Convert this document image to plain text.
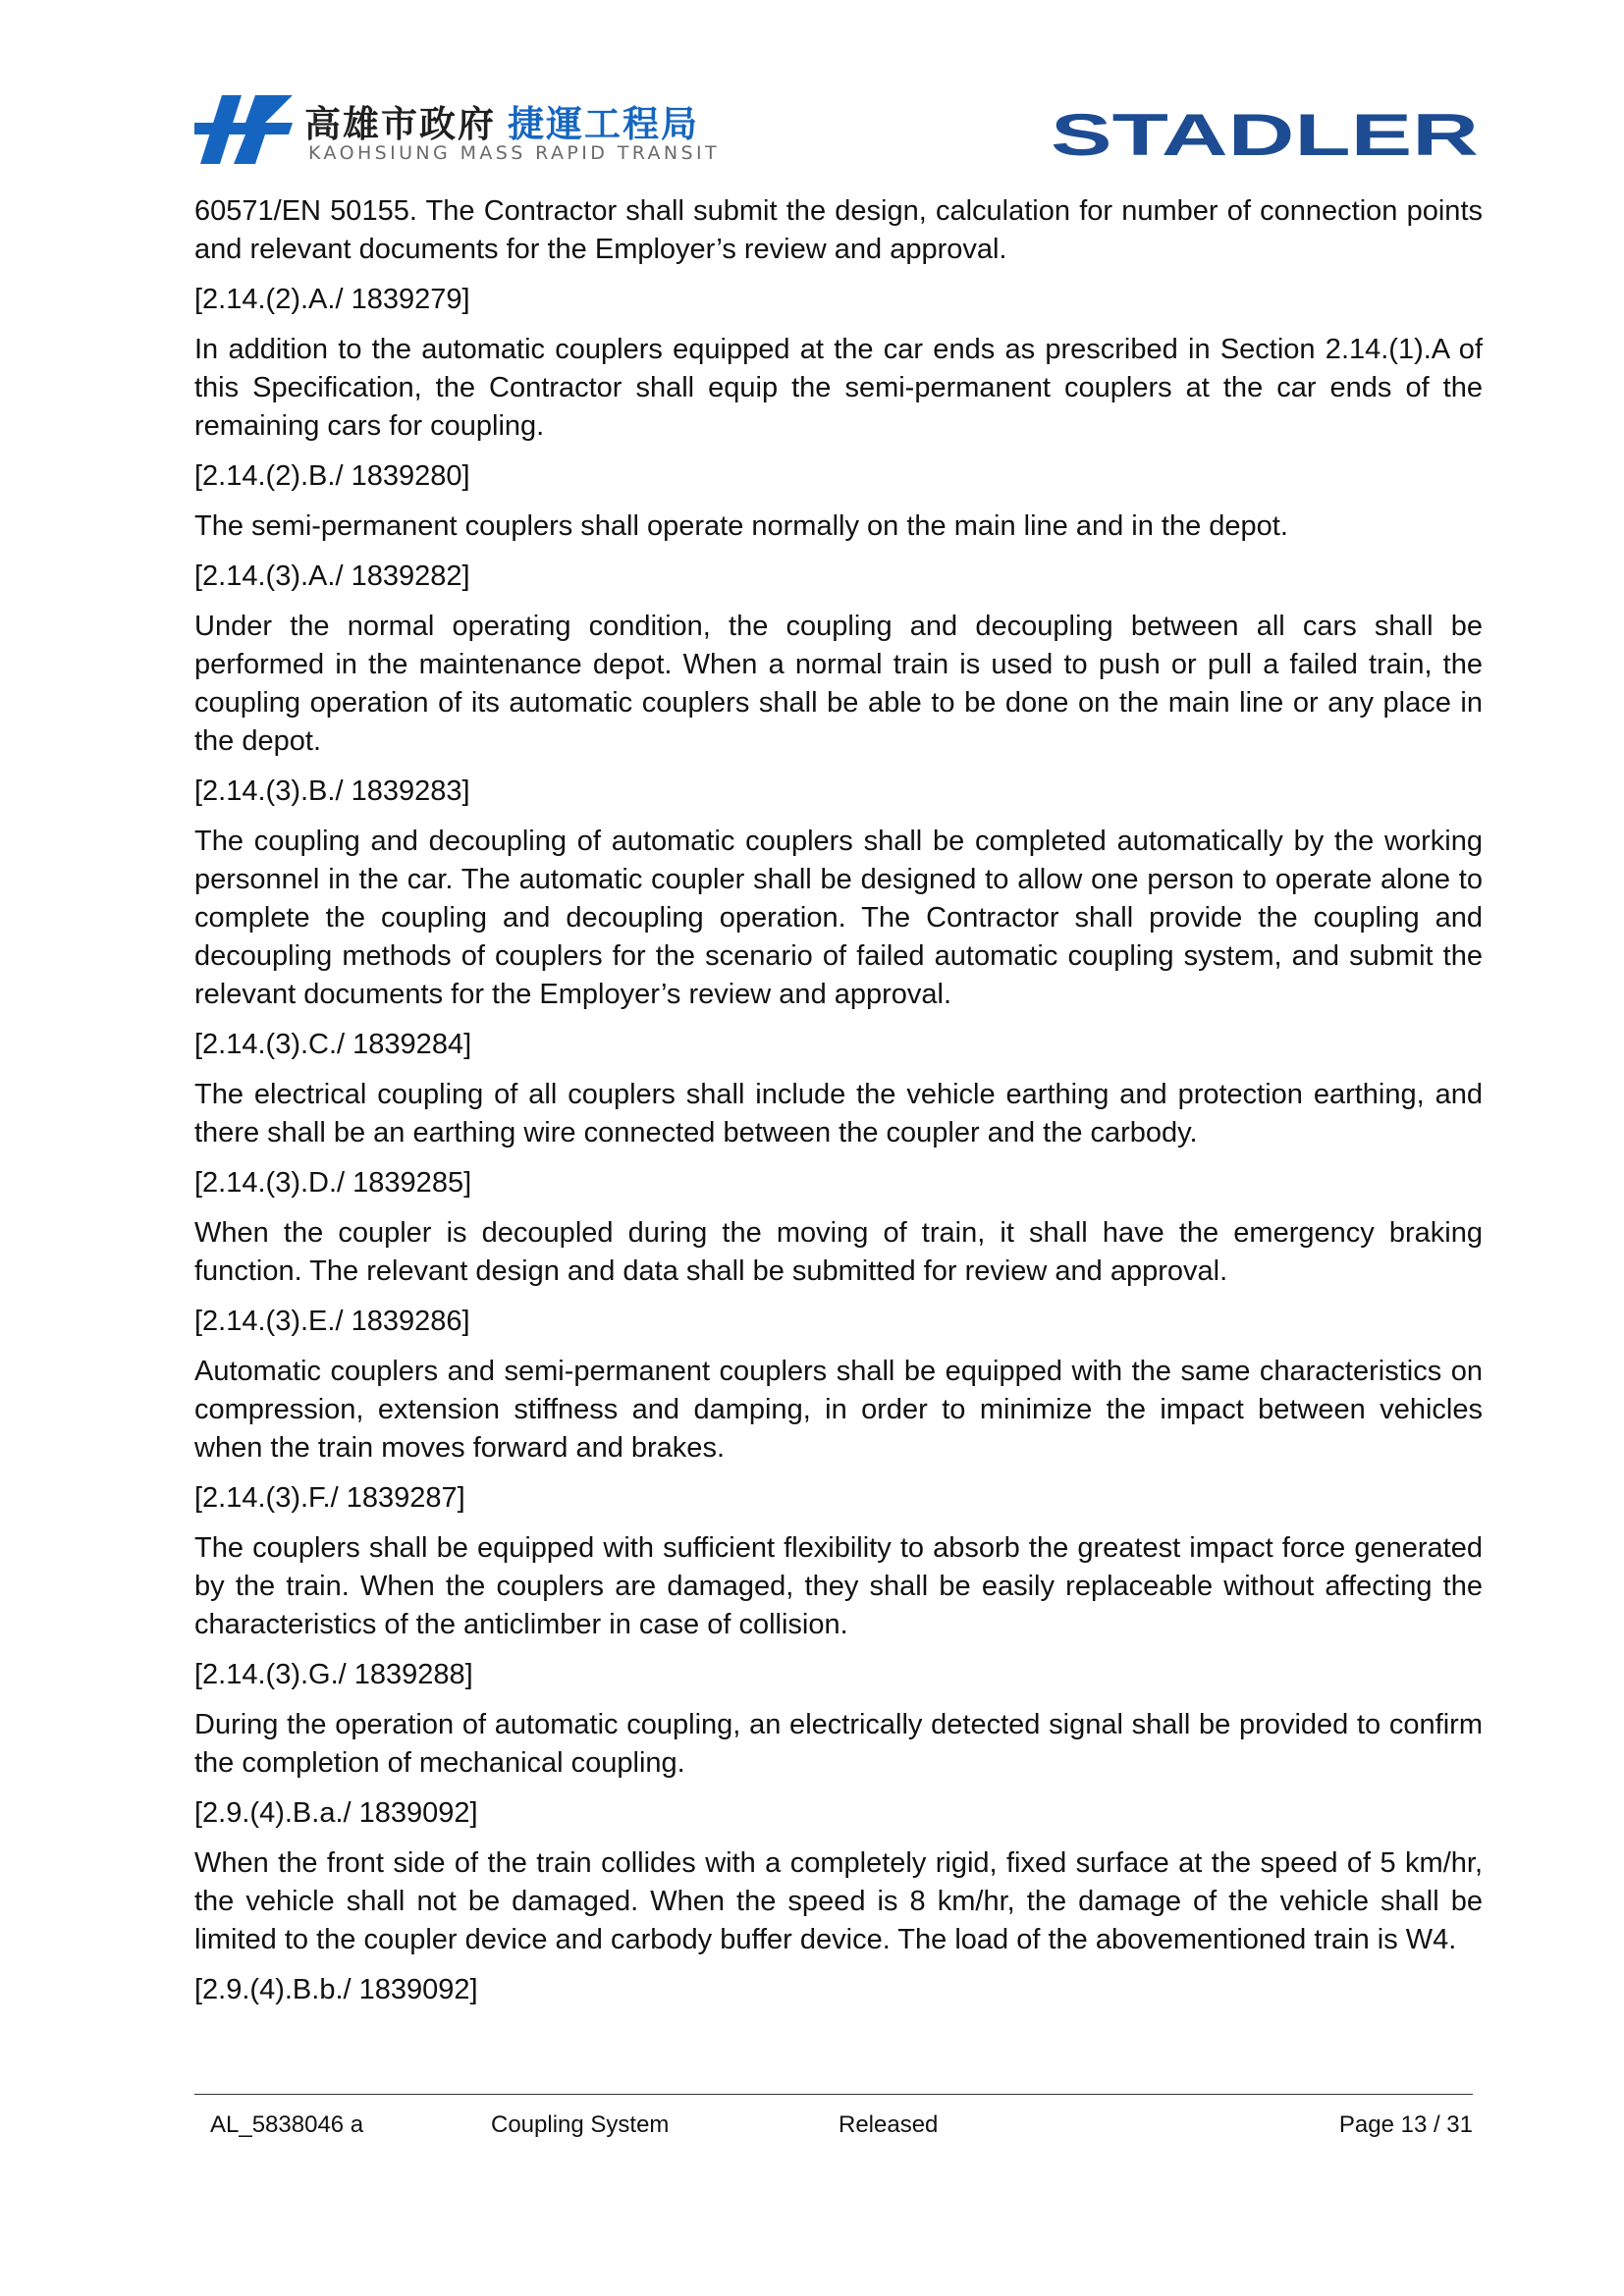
高雄市政府 捷運工程局
KAOHSIUNG MASS RAPID TRANSIT	STADLER

60571/EN 50155. The Contractor shall submit the design, calculation for number of connection points and relevant documents for the Employer’s review and approval.

[2.14.(2).A./ 1839279]

In addition to the automatic couplers equipped at the car ends as prescribed in Section 2.14.(1).A of this Specification, the Contractor shall equip the semi-permanent couplers at the car ends of the remaining cars for coupling.

[2.14.(2).B./ 1839280]

The semi-permanent couplers shall operate normally on the main line and in the depot.

[2.14.(3).A./ 1839282]

Under the normal operating condition, the coupling and decoupling between all cars shall be performed in the maintenance depot. When a normal train is used to push or pull a failed train, the coupling operation of its automatic couplers shall be able to be done on the main line or any place in the depot.

[2.14.(3).B./ 1839283]

The coupling and decoupling of automatic couplers shall be completed automatically by the working personnel in the car. The automatic coupler shall be designed to allow one person to operate alone to complete the coupling and decoupling operation. The Contractor shall provide the coupling and decoupling methods of couplers for the scenario of failed automatic coupling system, and submit the relevant documents for the Employer’s review and approval.

[2.14.(3).C./ 1839284]

The electrical coupling of all couplers shall include the vehicle earthing and protection earthing, and there shall be an earthing wire connected between the coupler and the carbody.

[2.14.(3).D./ 1839285]

When the coupler is decoupled during the moving of train, it shall have the emergency braking function. The relevant design and data shall be submitted for review and approval.

[2.14.(3).E./ 1839286]

Automatic couplers and semi-permanent couplers shall be equipped with the same characteristics on compression, extension stiffness and damping, in order to minimize the impact between vehicles when the train moves forward and brakes.

[2.14.(3).F./ 1839287]

The couplers shall be equipped with sufficient flexibility to absorb the greatest impact force generated by the train. When the couplers are damaged, they shall be easily replaceable without affecting the characteristics of the anticlimber in case of collision.

[2.14.(3).G./ 1839288]

During the operation of automatic coupling, an electrically detected signal shall be provided to confirm the completion of mechanical coupling.

[2.9.(4).B.a./ 1839092]

When the front side of the train collides with a completely rigid, fixed surface at the speed of 5 km/hr, the vehicle shall not be damaged. When the speed is 8 km/hr, the damage of the vehicle shall be limited to the coupler device and carbody buffer device. The load of the abovementioned train is W4.

[2.9.(4).B.b./ 1839092]

AL_5838046 a	Coupling System	Released	Page 13 / 31
